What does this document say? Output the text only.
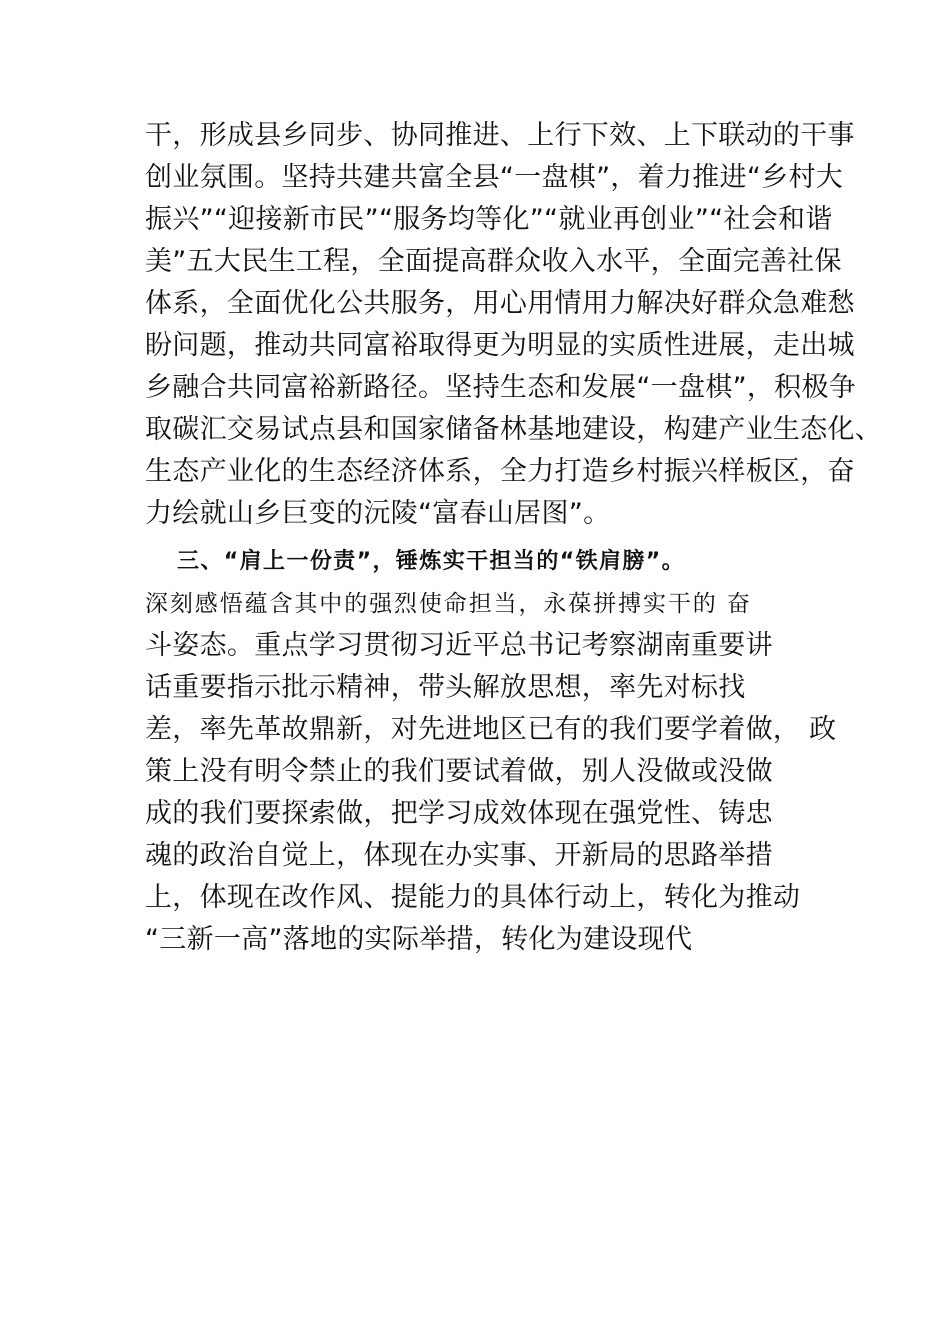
干，形成县乡同步、协同推进、上行下效、上下联动的干事
创业氛围。坚持共建共富全县“一盘棋”，着力推进“乡村大
振兴”“迎接新市民”“服务均等化”“就业再创业”“社会和谐
美”五大民生工程，全面提高群众收入水平，全面完善社保
体系，全面优化公共服务，用心用情用力解决好群众急难愁
盼问题，推动共同富裕取得更为明显的实质性进展，走出城
乡融合共同富裕新路径。坚持生态和发展“一盘棋”，积极争
取碳汇交易试点县和国家储备林基地建设，构建产业生态化、
生态产业化的生态经济体系，全力打造乡村振兴样板区，奋
力绘就山乡巨变的沅陵“富春山居图”。
三、“肩上一份责”，锤炼实干担当的“铁肩膀”。
深刻感悟蕴含其中的强烈使命担当，永葆拼搏实干的 奋
斗姿态。重点学习贯彻习近平总书记考察湖南重要讲
话重要指示批示精神，带头解放思想，率先对标找
差，率先革故鼎新，对先进地区已有的我们要学着做， 政
策上没有明令禁止的我们要试着做，别人没做或没做
成的我们要探索做，把学习成效体现在强党性、铸忠
魂的政治自觉上，体现在办实事、开新局的思路举措
上，体现在改作风、提能力的具体行动上，转化为推动
“三新一高”落地的实际举措，转化为建设现代
